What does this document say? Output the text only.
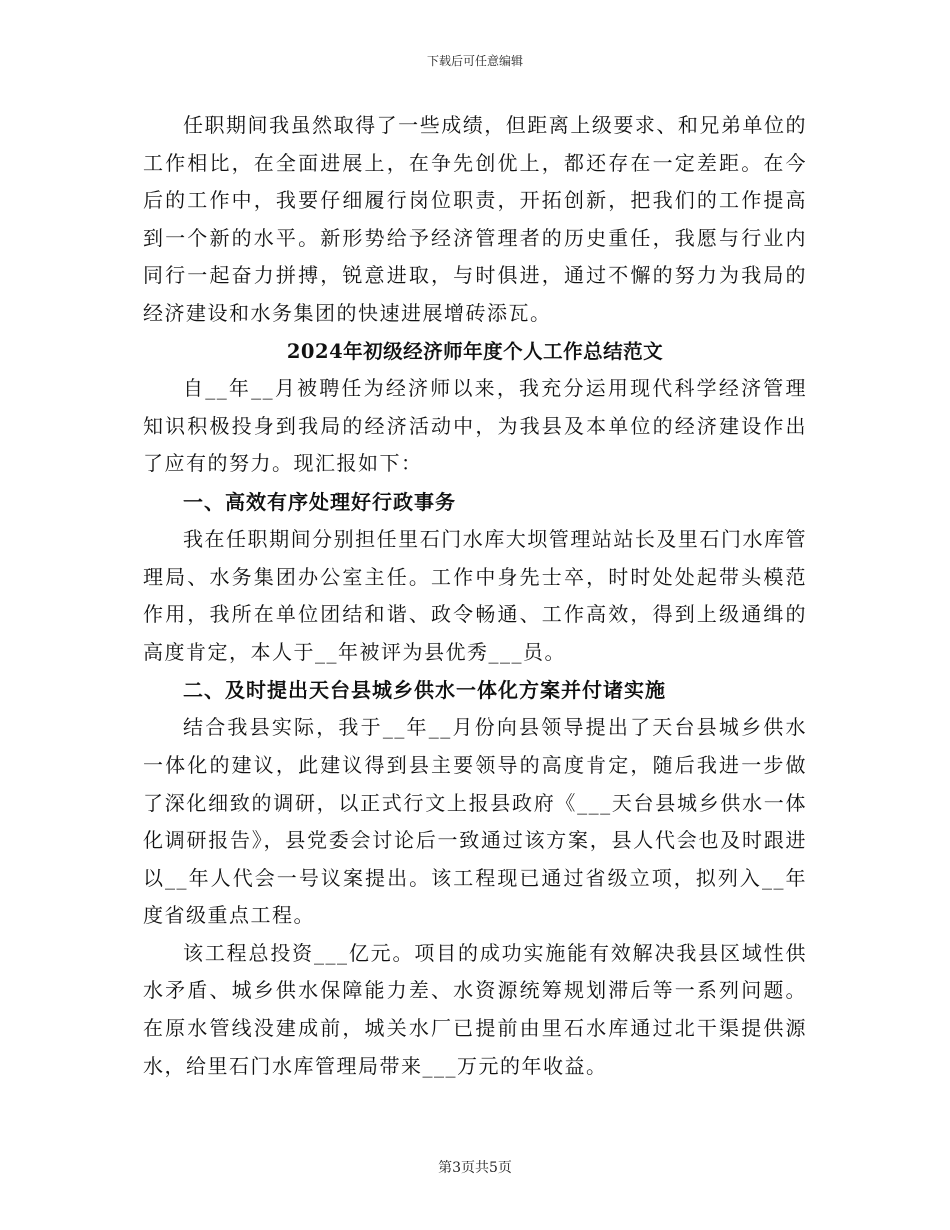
下载后可任意编辑

任职期间我虽然取得了一些成绩，但距离上级要求、和兄弟单位的工作相比，在全面进展上，在争先创优上，都还存在一定差距。在今后的工作中，我要仔细履行岗位职责，开拓创新，把我们的工作提高到一个新的水平。新形势给予经济管理者的历史重任，我愿与行业内同行一起奋力拼搏，锐意进取，与时俱进，通过不懈的努力为我局的经济建设和水务集团的快速进展增砖添瓦。

2024年初级经济师年度个人工作总结范文

自__年__月被聘任为经济师以来，我充分运用现代科学经济管理知识积极投身到我局的经济活动中，为我县及本单位的经济建设作出了应有的努力。现汇报如下：

一、高效有序处理好行政事务

我在任职期间分别担任里石门水库大坝管理站站长及里石门水库管理局、水务集团办公室主任。工作中身先士卒，时时处处起带头模范作用，我所在单位团结和谐、政令畅通、工作高效，得到上级通缉的高度肯定，本人于__年被评为县优秀___员。

二、及时提出天台县城乡供水一体化方案并付诸实施

结合我县实际，我于__年__月份向县领导提出了天台县城乡供水一体化的建议，此建议得到县主要领导的高度肯定，随后我进一步做了深化细致的调研，以正式行文上报县政府《___天台县城乡供水一体化调研报告》，县党委会讨论后一致通过该方案，县人代会也及时跟进以__年人代会一号议案提出。该工程现已通过省级立项，拟列入__年度省级重点工程。

该工程总投资___亿元。项目的成功实施能有效解决我县区域性供水矛盾、城乡供水保障能力差、水资源统筹规划滞后等一系列问题。在原水管线没建成前，城关水厂已提前由里石水库通过北干渠提供源水，给里石门水库管理局带来___万元的年收益。

第3页共5页
